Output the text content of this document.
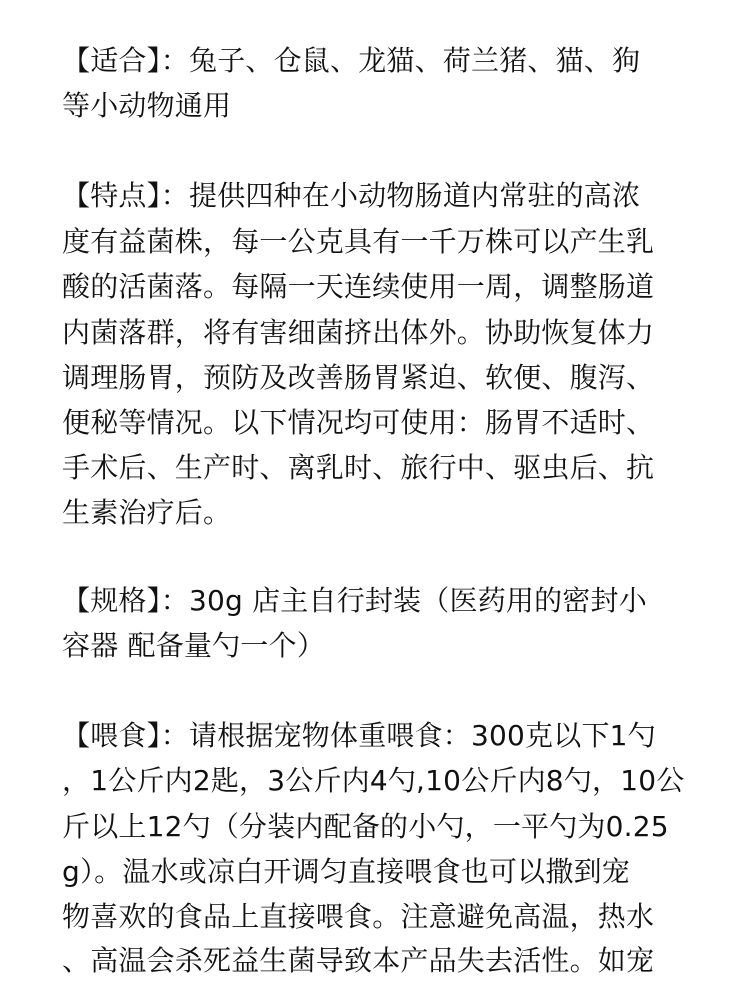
【适合】：兔子、仓鼠、龙猫、荷兰猪、猫、狗
等小动物通用
【特点】：提供四种在小动物肠道内常驻的高浓
度有益菌株，每一公克具有一千万株可以产生乳
酸的活菌落。每隔一天连续使用一周，调整肠道
内菌落群，将有害细菌挤出体外。协助恢复体力
调理肠胃，预防及改善肠胃紧迫、软便、腹泻、
便秘等情况。以下情况均可使用：肠胃不适时、
手术后、生产时、离乳时、旅行中、驱虫后、抗
生素治疗后。
【规格】：30g 店主自行封装（医药用的密封小
容器 配备量勺一个）
【喂食】：请根据宠物体重喂食：300克以下1勺
，1公斤内2匙，3公斤内4勺,10公斤内8勺，10公
斤以上12勺（分装内配备的小勺，一平勺为0.25
g）。温水或凉白开调匀直接喂食也可以撒到宠
物喜欢的食品上直接喂食。注意避免高温，热水
、高温会杀死益生菌导致本产品失去活性。如宠
